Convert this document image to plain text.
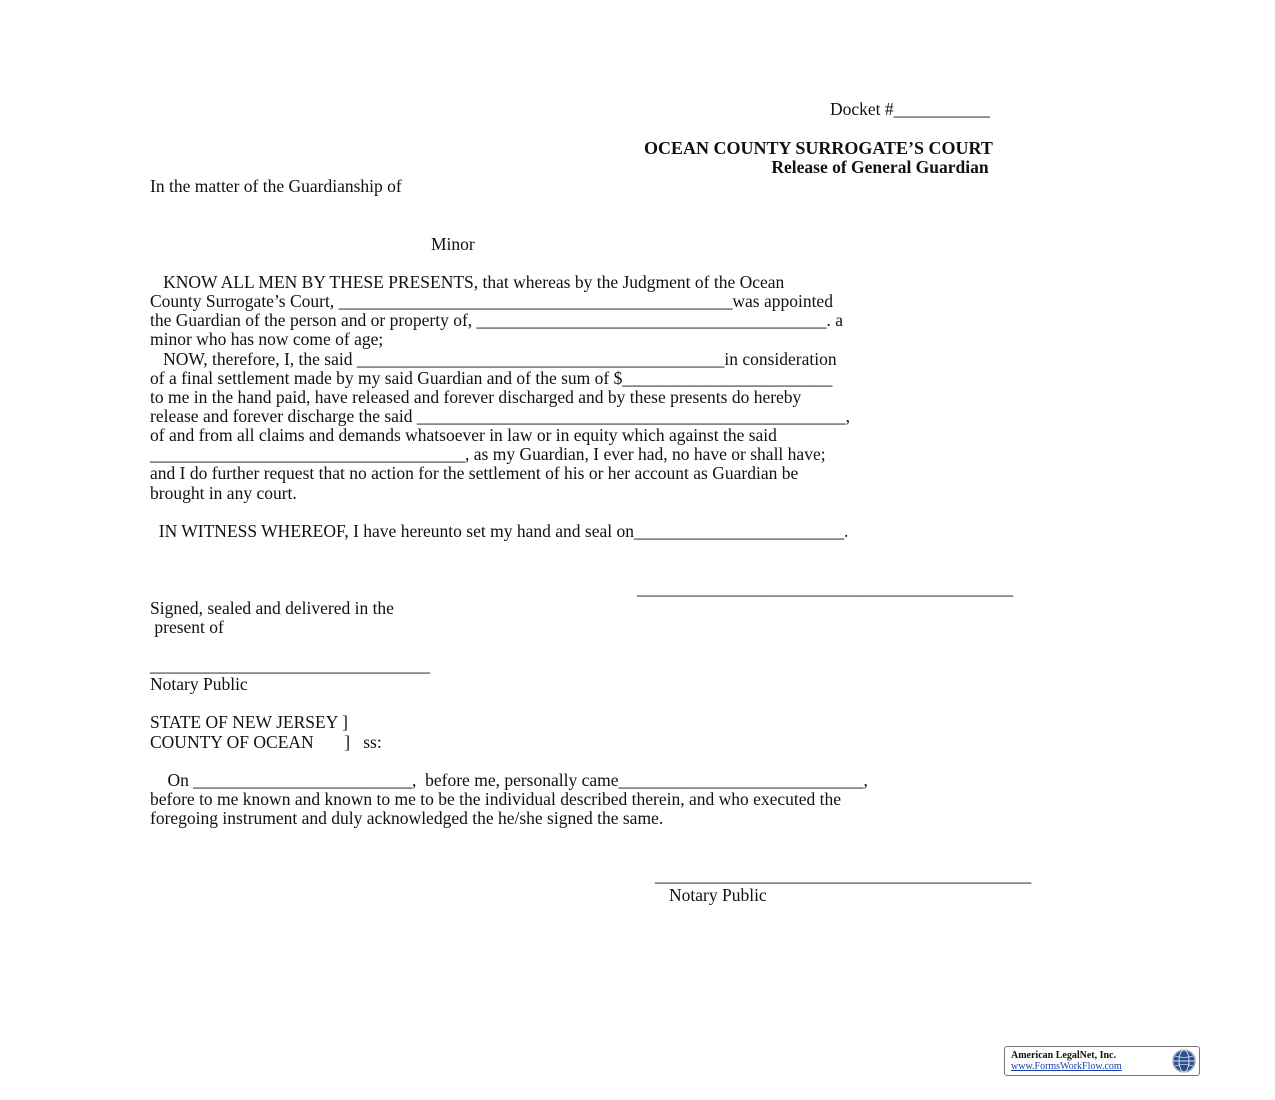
Docket #___________
OCEAN COUNTY SURROGATE’S COURT
Release of General Guardian
In the matter of the Guardianship of
Minor
KNOW ALL MEN BY THESE PRESENTS, that whereas by the Judgment of the Ocean
County Surrogate’s Court, _____________________________________________was appointed
the Guardian of the person and or property of, ________________________________________. a
minor who has now come of age;
NOW, therefore, I, the said __________________________________________in consideration
of a final settlement made by my said Guardian and of the sum of $________________________
to me in the hand paid, have released and forever discharged and by these presents do hereby
release and forever discharge the said _________________________________________________,
of and from all claims and demands whatsoever in law or in equity which against the said
____________________________________, as my Guardian, I ever had, no have or shall have;
and I do further request that no action for the settlement of his or her account as Guardian be
brought in any court.
IN WITNESS WHEREOF, I have hereunto set my hand and seal on________________________.
___________________________________________
Signed, sealed and delivered in the
present of
________________________________
Notary Public
STATE OF NEW JERSEY ]
COUNTY OF OCEAN       ]   ss:
On _________________________,  before me, personally came____________________________,
before to me known and known to me to be the individual described therein, and who executed the
foregoing instrument and duly acknowledged the he/she signed the same.
___________________________________________
Notary Public
American LegalNet, Inc.
www.FormsWorkFlow.com
